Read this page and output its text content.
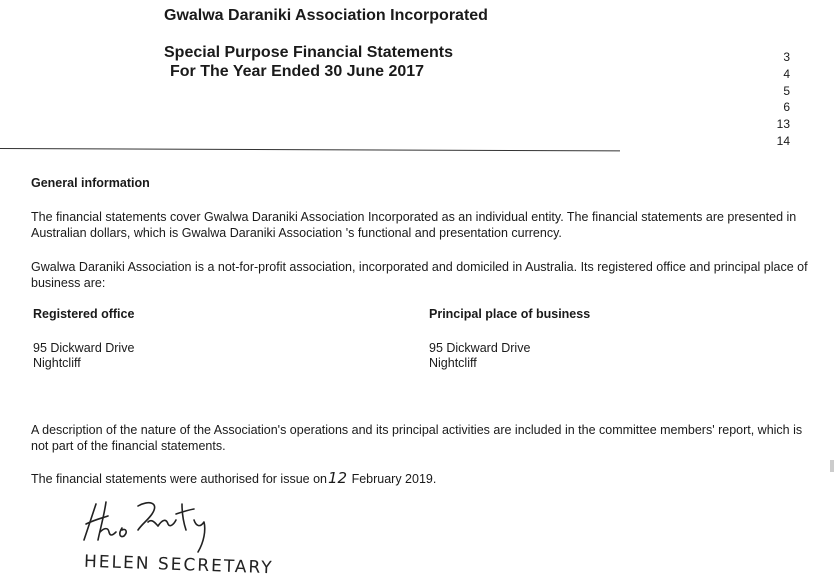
Gwalwa Daraniki Association Incorporated
Special Purpose Financial Statements
For The Year Ended 30 June 2017
3
4
5
6
13
14
General information
The financial statements cover Gwalwa Daraniki Association Incorporated as an individual entity. The financial statements are presented in Australian dollars, which is Gwalwa Daraniki Association 's functional and presentation currency.
Gwalwa Daraniki Association is a not-for-profit association, incorporated and domiciled in Australia. Its registered office and principal place of business are:
Registered office	Principal place of business
95 Dickward Drive
Nightcliff
95 Dickward Drive
Nightcliff
A description of the nature of the Association's operations and its principal activities are included in the committee members' report, which is not part of the financial statements.
The financial statements were authorised for issue on12 February 2019.
HELEN SECRETARY
